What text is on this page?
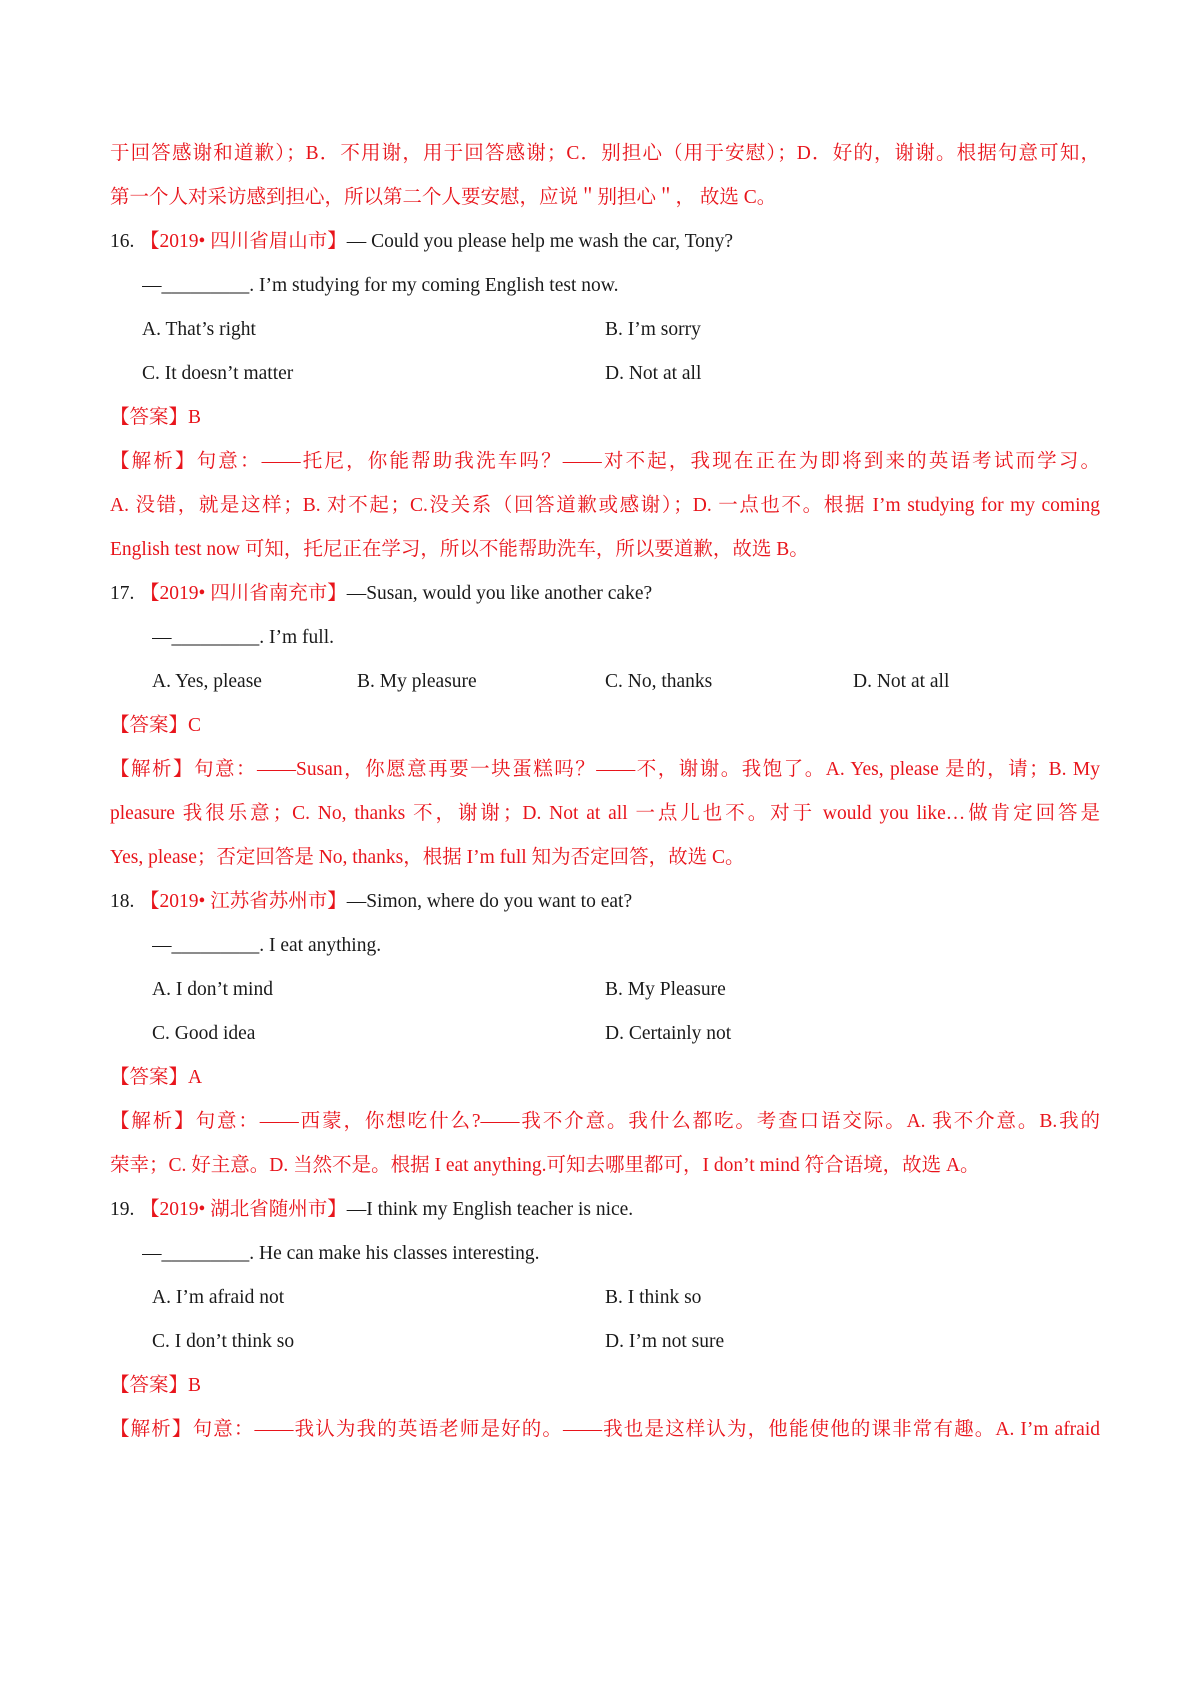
于回答感谢和道歉）；B．不用谢，用于回答感谢；C．别担心（用于安慰）；D．好的，谢谢。根据句意可知，
第一个人对采访感到担心，所以第二个人要安慰，应说＂别担心＂， 故选 C。
16. 【2019• 四川省眉山市】— Could you please help me wash the car, Tony?
—_________. I’m studying for my coming English test now.
A. That’s right	B. I’m sorry
C. It doesn’t matter	D. Not at all
【答案】B
【解析】句意：——托尼，你能帮助我洗车吗？——对不起，我现在正在为即将到来的英语考试而学习。
A. 没错，就是这样；B. 对不起；C.没关系（回答道歉或感谢）；D. 一点也不。根据 I’m studying for my coming
English test now 可知，托尼正在学习，所以不能帮助洗车，所以要道歉，故选 B。
17. 【2019• 四川省南充市】—Susan, would you like another cake?
—_________. I’m full.
A. Yes, please	B. My pleasure	C. No, thanks	D. Not at all
【答案】C
【解析】句意：——Susan，你愿意再要一块蛋糕吗？——不，谢谢。我饱了。A. Yes, please 是的，请；B. My
pleasure 我很乐意；C. No, thanks 不，谢谢；D. Not at all 一点儿也不。对于 would you like…做肯定回答是
Yes, please；否定回答是 No, thanks，根据 I’m full 知为否定回答，故选 C。
18. 【2019• 江苏省苏州市】—Simon, where do you want to eat?
—_________. I eat anything.
A. I don’t mind	B. My Pleasure
C. Good idea	D. Certainly not
【答案】A
【解析】句意：——西蒙，你想吃什么?——我不介意。我什么都吃。考查口语交际。A. 我不介意。B.我的
荣幸；C. 好主意。D. 当然不是。根据 I eat anything.可知去哪里都可，I don’t mind 符合语境，故选 A。
19. 【2019• 湖北省随州市】—I think my English teacher is nice.
—_________. He can make his classes interesting.
A. I’m afraid not	B. I think so
C. I don’t think so	D. I’m not sure
【答案】B
【解析】句意：——我认为我的英语老师是好的。——我也是这样认为，他能使他的课非常有趣。A. I’m afraid
